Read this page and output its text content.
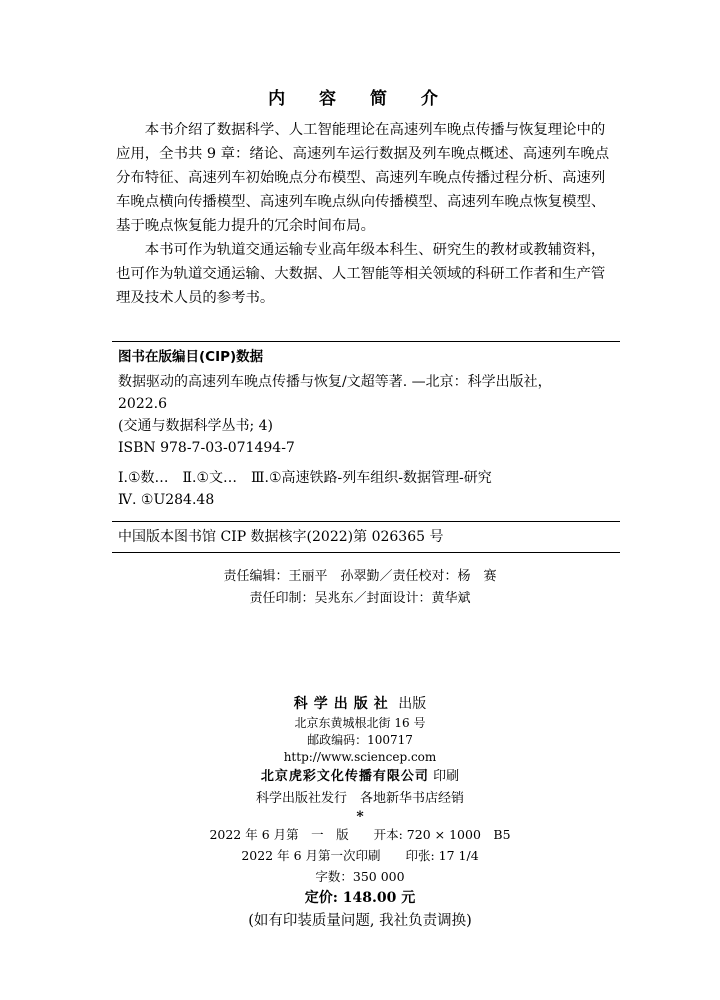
内 容 简 介

本书介绍了数据科学、人工智能理论在高速列车晚点传播与恢复理论中的应用，全书共 9 章：绪论、高速列车运行数据及列车晚点概述、高速列车晚点分布特征、高速列车初始晚点分布模型、高速列车晚点传播过程分析、高速列车晚点横向传播模型、高速列车晚点纵向传播模型、高速列车晚点恢复模型、基于晚点恢复能力提升的冗余时间布局。

本书可作为轨道交通运输专业高年级本科生、研究生的教材或教辅资料，也可作为轨道交通运输、大数据、人工智能等相关领域的科研工作者和生产管理及技术人员的参考书。

图书在版编目(CIP)数据
数据驱动的高速列车晚点传播与恢复/文超等著. —北京：科学出版社，
2022.6
(交通与数据科学丛书; 4)
ISBN 978-7-03-071494-7
Ⅰ.①数…　Ⅱ.①文…　Ⅲ.①高速铁路-列车组织-数据管理-研究
Ⅳ. ①U284.48
中国版本图书馆 CIP 数据核字(2022)第 026365 号
责任编辑：王丽平　孙翠勤／责任校对：杨　赛
责任印制：吴兆东／封面设计：黄华斌
科学出版社 出版
北京东黄城根北街 16 号
邮政编码：100717
http://www.sciencep.com
北京虎彩文化传播有限公司 印刷
科学出版社发行　各地新华书店经销
*
2022 年 6 月第　一　版　　开本: 720 × 1000　B5
2022 年 6 月第一次印刷　　印张: 17 1/4
字数：350 000
定价: 148.00 元
(如有印装质量问题, 我社负责调换)
